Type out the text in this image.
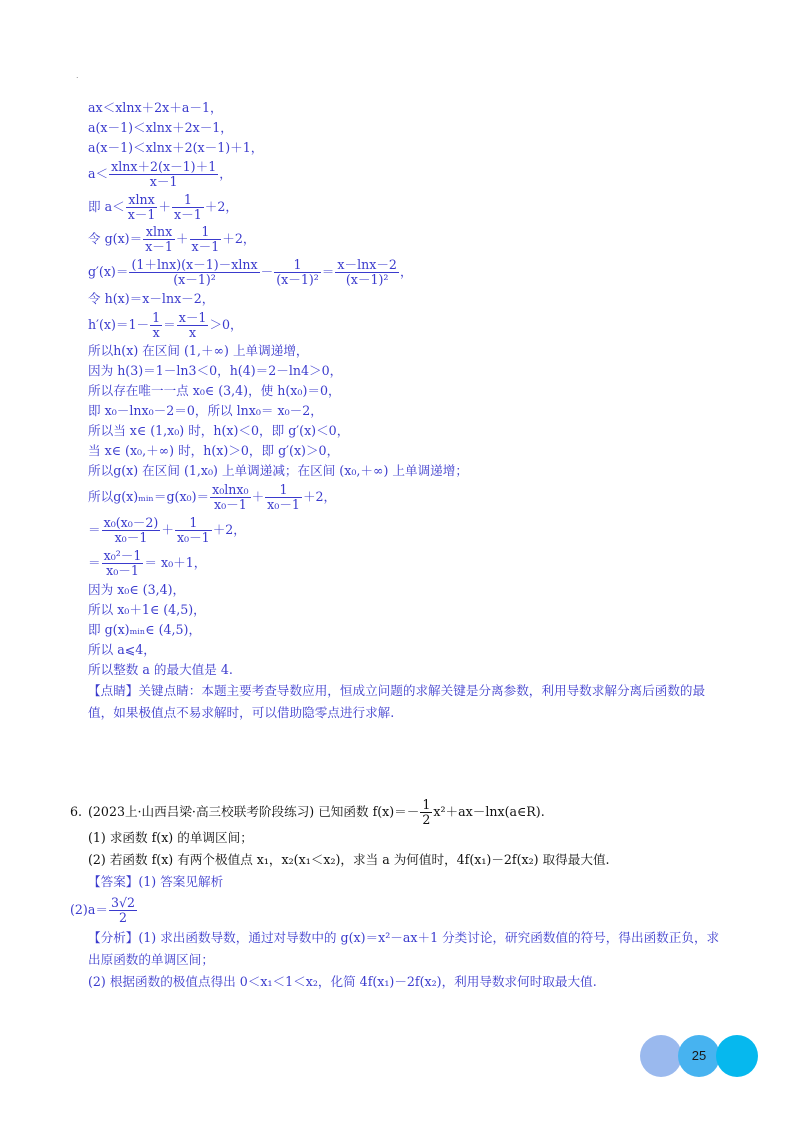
.
ax＜xlnx＋2x＋a－1，
a(x－1)＜xlnx＋2x－1，
a(x－1)＜xlnx＋2(x－1)＋1，
$a< \frac{xlnx+2(x-1)+1}{x-1}$ ，
即 $a< \frac{xlnx}{x-1} + \frac{1}{x-1} +2$，
令 $g(x)= \frac{xlnx}{x-1} + \frac{1}{x-1} +2$，
$g'(x)= \frac{(1+\ln x)(x-1)-xlnx}{\text{(x－1)²}} - \frac{1}{\text{(x－1)²}} = \frac{x-\ln x-2}{\text{(x－1)²}}$ ，
令 h(x)＝x－lnx－2，
$h'(x)=1- \frac{1}{x} = \frac{x-1}{x} >0$，
所以h(x) 在区间 (1,＋∞) 上单调递增，
因为 h(3)＝1－ln3＜0，h(4)＝2－ln4＞0，
所以存在唯一一点 x₀∈ (3,4)，使 h(x₀)＝0，
即 x₀－lnx₀－2＝0，所以 lnx₀＝ x₀－2，
所以当 x∈ (1,x₀) 时，h(x)＜0，即 g′(x)＜0，
当 x∈ (x₀,＋∞) 时，h(x)＞0，即 g′(x)＞0，
所以g(x) 在区间 (1,x₀) 上单调递减；在区间 (x₀,＋∞) 上单调递增；
所以g(x)ₘᵢₙ＝g(x₀)＝ $\frac{\text{x₀lnx₀}}{\text{x₀－1}} + \frac{1}{\text{x₀－1}} +2$，
＝ $\frac{\text{x₀(x₀－2)}}{\text{x₀－1}} + \frac{1}{\text{x₀－1}} +2$，
＝ $\frac{\text{x₀²－1}}{\text{x₀－1}} = x_0+1$，
因为 x₀∈ (3,4)，
所以 x₀＋1∈ (4,5)，
即 g(x)ₘᵢₙ∈ (4,5)，
所以 a⩽4，
所以整数 a 的最大值是 4.
【点睛】关键点睛：本题主要考查导数应用，恒成立问题的求解关键是分离参数，利用导数求解分离后函数的最值，如果极值点不易求解时，可以借助隐零点进行求解.
6. (2023上·山西吕梁·高三校联考阶段练习) 已知函数 $f(x)=- \frac{1}{2}$ x²＋ax－lnx(a∈R).
(1) 求函数 f(x) 的单调区间；
(2) 若函数 f(x) 有两个极值点 x₁，x₂(x₁＜x₂)，求当 a 为何值时，4f(x₁)－2f(x₂) 取得最大值.
【答案】(1) 答案见解析
$(2)a= \frac{3√2}{2}$
【分析】(1) 求出函数导数，通过对导数中的 g(x)＝x²－ax＋1 分类讨论，研究函数值的符号，得出函数正负，求出原函数的单调区间；
(2) 根据函数的极值点得出 0＜x₁＜1＜x₂，化简 4f(x₁)－2f(x₂)，利用导数求何时取最大值.
25
